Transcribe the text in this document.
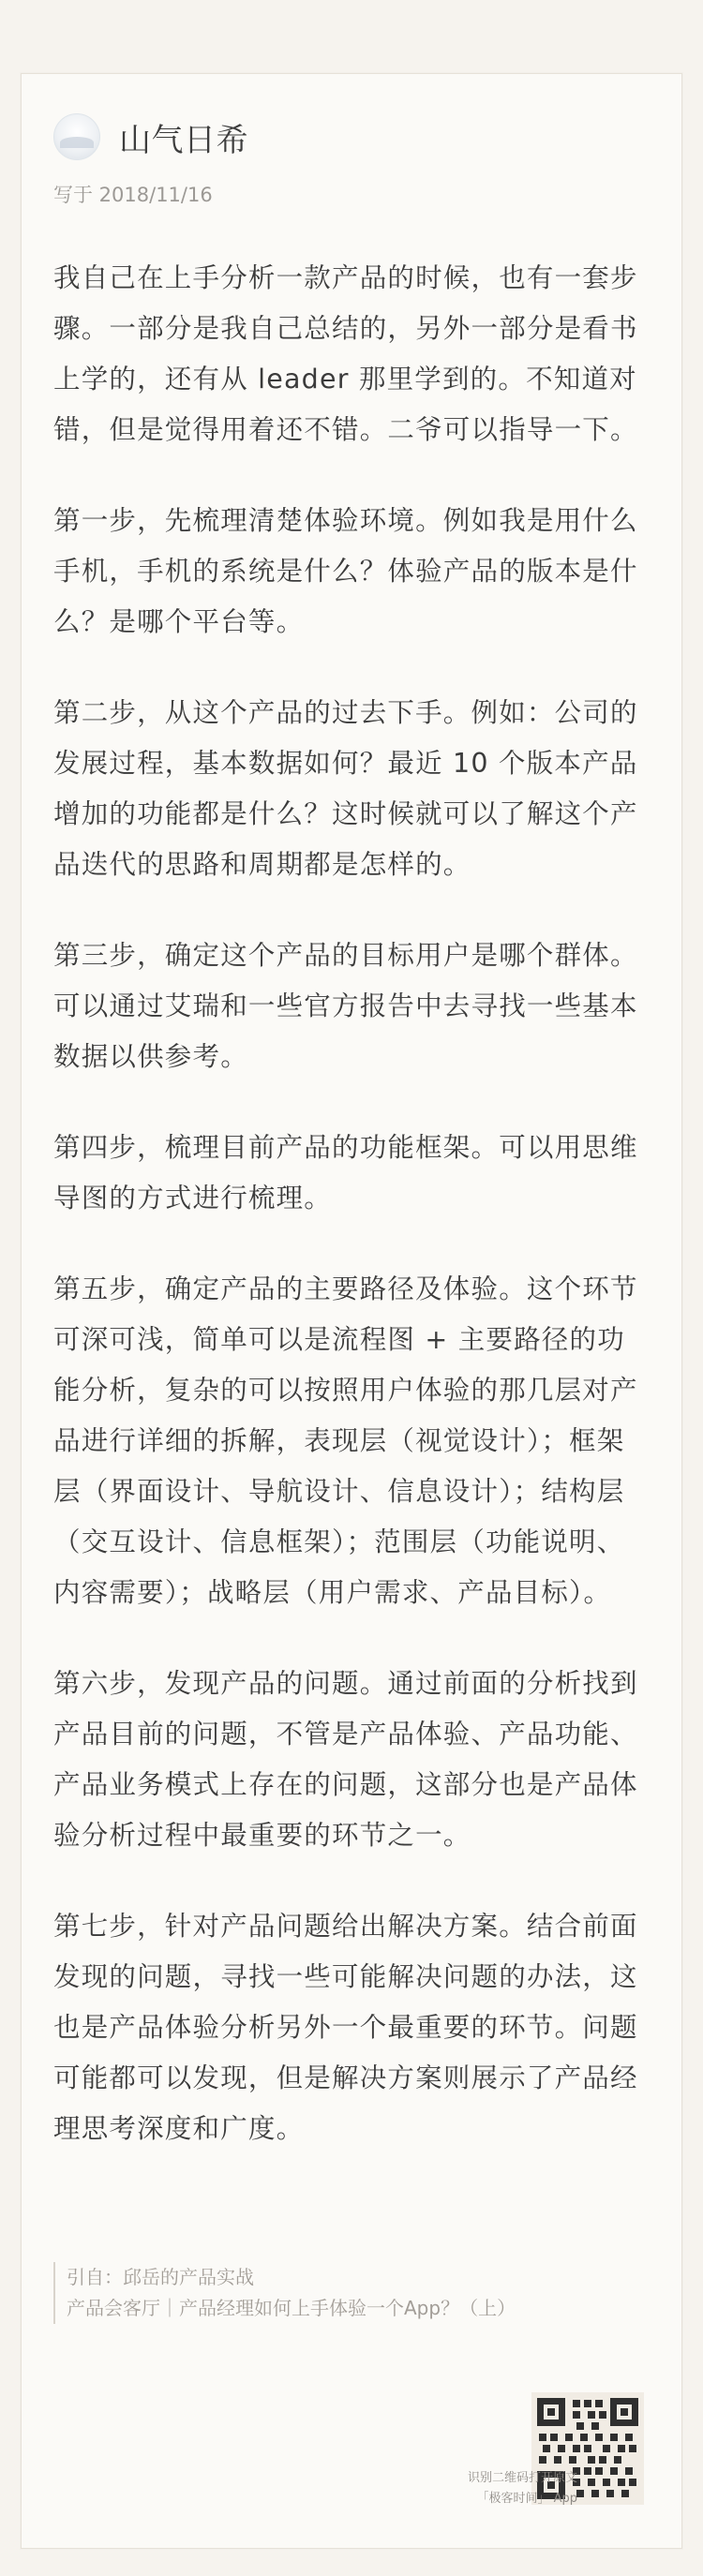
山气日希
写于 2018/11/16

我自己在上手分析一款产品的时候，也有一套步骤。一部分是我自己总结的，另外一部分是看书上学的，还有从 leader 那里学到的。不知道对错，但是觉得用着还不错。二爷可以指导一下。

第一步，先梳理清楚体验环境。例如我是用什么手机，手机的系统是什么？体验产品的版本是什么？是哪个平台等。

第二步，从这个产品的过去下手。例如：公司的发展过程，基本数据如何？最近 10 个版本产品增加的功能都是什么？这时候就可以了解这个产品迭代的思路和周期都是怎样的。

第三步，确定这个产品的目标用户是哪个群体。可以通过艾瑞和一些官方报告中去寻找一些基本数据以供参考。

第四步，梳理目前产品的功能框架。可以用思维导图的方式进行梳理。

第五步，确定产品的主要路径及体验。这个环节可深可浅，简单可以是流程图 + 主要路径的功能分析，复杂的可以按照用户体验的那几层对产品进行详细的拆解，表现层（视觉设计）；框架层（界面设计、导航设计、信息设计）；结构层（交互设计、信息框架）；范围层（功能说明、内容需要）；战略层（用户需求、产品目标）。

第六步，发现产品的问题。通过前面的分析找到产品目前的问题，不管是产品体验、产品功能、产品业务模式上存在的问题，这部分也是产品体验分析过程中最重要的环节之一。

第七步，针对产品问题给出解决方案。结合前面发现的问题，寻找一些可能解决问题的办法，这也是产品体验分析另外一个最重要的环节。问题可能都可以发现，但是解决方案则展示了产品经理思考深度和广度。

引自：邱岳的产品实战
产品会客厅｜产品经理如何上手体验一个App？（上）
识别二维码打开原文
「极客时间」 App
